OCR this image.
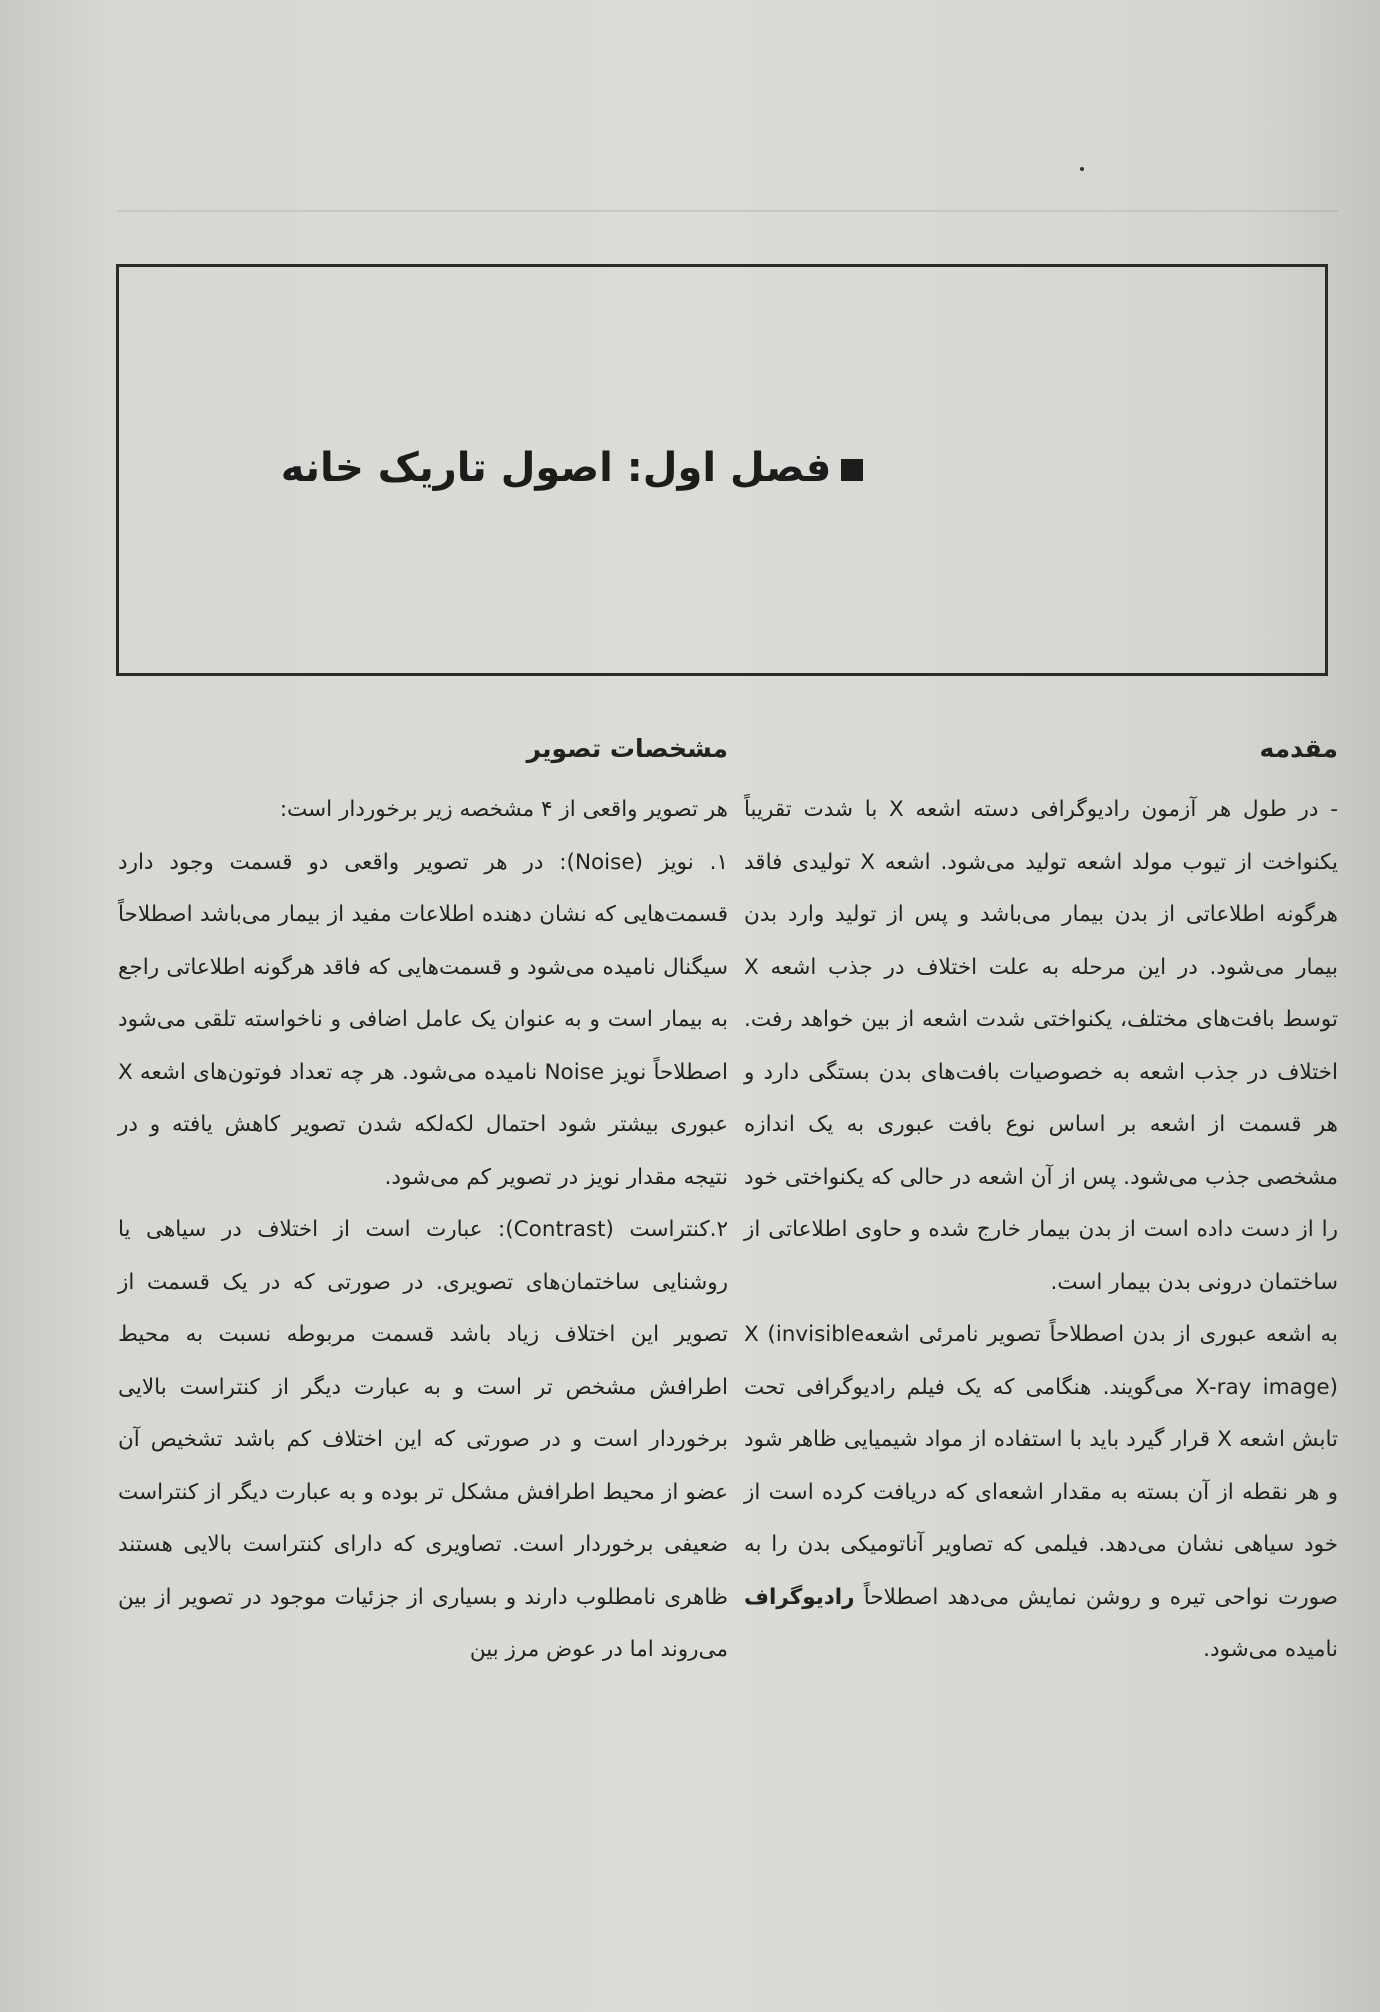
فصل اول: اصول تاریک خانه

مقدمه

- در طول هر آزمون رادیوگرافی دسته اشعه X با شدت تقریباً یکنواخت از تیوب مولد اشعه تولید می‌شود. اشعه X تولیدی فاقد هرگونه اطلاعاتی از بدن بیمار می‌باشد و پس از تولید وارد بدن بیمار می‌شود. در این مرحله به علت اختلاف در جذب اشعه X توسط بافت‌های مختلف، یکنواختی شدت اشعه از بین خواهد رفت. اختلاف در جذب اشعه به خصوصیات بافت‌های بدن بستگی دارد و هر قسمت از اشعه بر اساس نوع بافت عبوری به یک اندازه مشخصی جذب می‌شود. پس از آن اشعه در حالی که یکنواختی خود را از دست داده است از بدن بیمار خارج شده و حاوی اطلاعاتی از ساختمان درونی بدن بیمار است.

به اشعه عبوری از بدن اصطلاحاً تصویر نامرئی اشعهX (invisible X-ray image) می‌گویند. هنگامی که یک فیلم رادیوگرافی تحت تابش اشعه X قرار گیرد باید با استفاده از مواد شیمیایی ظاهر شود و هر نقطه از آن بسته به مقدار اشعه‌ای که دریافت کرده است از خود سیاهی نشان می‌دهد. فیلمی که تصاویر آناتومیکی بدن را به صورت نواحی تیره و روشن نمایش می‌دهد اصطلاحاً رادیوگراف نامیده می‌شود.

مشخصات تصویر

هر تصویر واقعی از ۴ مشخصه زیر برخوردار است:

۱. نویز (Noise): در هر تصویر واقعی دو قسمت وجود دارد قسمت‌هایی که نشان دهنده اطلاعات مفید از بیمار می‌باشد اصطلاحاً سیگنال نامیده می‌شود و قسمت‌هایی که فاقد هرگونه اطلاعاتی راجع به بیمار است و به عنوان یک عامل اضافی و ناخواسته تلقی می‌شود اصطلاحاً نویز Noise نامیده می‌شود. هر چه تعداد فوتون‌های اشعه X عبوری بیشتر شود احتمال لکه‌لکه شدن تصویر کاهش یافته و در نتیجه مقدار نویز در تصویر کم می‌شود.

۲.کنتراست (Contrast): عبارت است از اختلاف در سیاهی یا روشنایی ساختمان‌های تصویری. در صورتی که در یک قسمت از تصویر این اختلاف زیاد باشد قسمت مربوطه نسبت به محیط اطرافش مشخص تر است و به عبارت دیگر از کنتراست بالایی برخوردار است و در صورتی که این اختلاف کم باشد تشخیص آن عضو از محیط اطرافش مشکل تر بوده و به عبارت دیگر از کنتراست ضعیفی برخوردار است. تصاویری که دارای کنتراست بالایی هستند ظاهری نامطلوب دارند و بسیاری از جزئیات موجود در تصویر از بین می‌روند اما در عوض مرز بین
